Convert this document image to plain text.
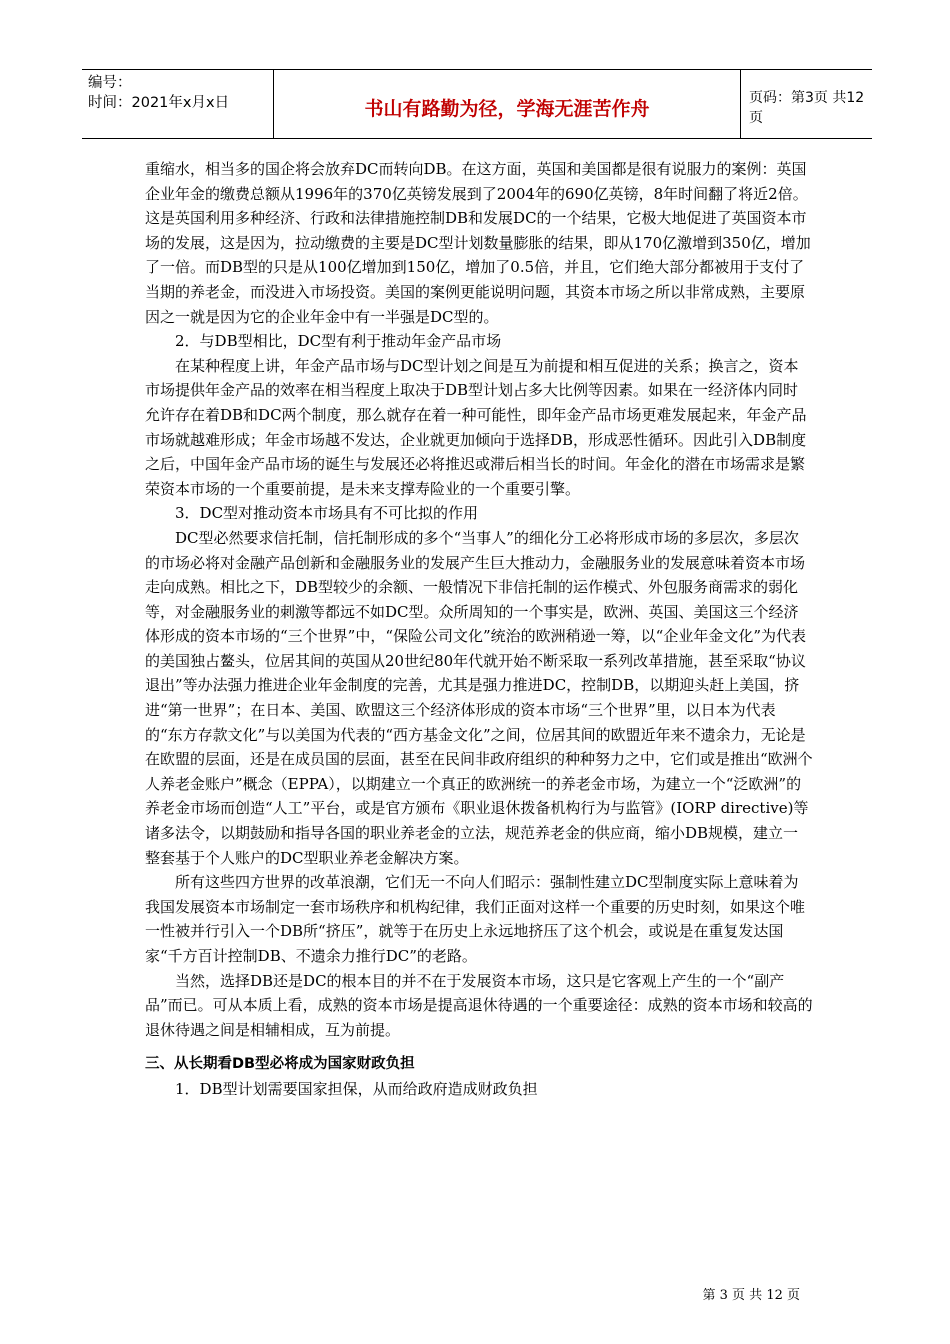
编号：
时间：2021年x月x日	书山有路勤为径，学海无涯苦作舟	页码：第3页 共12页

重缩水，相当多的国企将会放弃DC而转向DB。在这方面，英国和美国都是很有说服力的案例：英国企业年金的缴费总额从1996年的370亿英镑发展到了2004年的690亿英镑，8年时间翻了将近2倍。这是英国利用多种经济、行政和法律措施控制DB和发展DC的一个结果，它极大地促进了英国资本市场的发展，这是因为，拉动缴费的主要是DC型计划数量膨胀的结果，即从170亿激增到350亿，增加了一倍。而DB型的只是从100亿增加到150亿，增加了0.5倍，并且，它们绝大部分都被用于支付了当期的养老金，而没进入市场投资。美国的案例更能说明问题，其资本市场之所以非常成熟，主要原因之一就是因为它的企业年金中有一半强是DC型的。

2．与DB型相比，DC型有利于推动年金产品市场

在某种程度上讲，年金产品市场与DC型计划之间是互为前提和相互促进的关系；换言之，资本市场提供年金产品的效率在相当程度上取决于DB型计划占多大比例等因素。如果在一经济体内同时允许存在着DB和DC两个制度，那么就存在着一种可能性，即年金产品市场更难发展起来，年金产品市场就越难形成；年金市场越不发达，企业就更加倾向于选择DB，形成恶性循环。因此引入DB制度之后，中国年金产品市场的诞生与发展还必将推迟或滞后相当长的时间。年金化的潜在市场需求是繁荣资本市场的一个重要前提，是未来支撑寿险业的一个重要引擎。

3．DC型对推动资本市场具有不可比拟的作用

DC型必然要求信托制，信托制形成的多个“当事人”的细化分工必将形成市场的多层次，多层次的市场必将对金融产品创新和金融服务业的发展产生巨大推动力，金融服务业的发展意味着资本市场走向成熟。相比之下，DB型较少的余额、一般情况下非信托制的运作模式、外包服务商需求的弱化等，对金融服务业的刺激等都远不如DC型。众所周知的一个事实是，欧洲、英国、美国这三个经济体形成的资本市场的“三个世界”中，“保险公司文化”统治的欧洲稍逊一筹，以“企业年金文化”为代表的美国独占鳌头，位居其间的英国从20世纪80年代就开始不断采取一系列改革措施，甚至采取“协议退出”等办法强力推进企业年金制度的完善，尤其是强力推进DC，控制DB，以期迎头赶上美国，挤进“第一世界”；在日本、美国、欧盟这三个经济体形成的资本市场“三个世界”里，以日本为代表的“东方存款文化”与以美国为代表的“西方基金文化”之间，位居其间的欧盟近年来不遗余力，无论是在欧盟的层面，还是在成员国的层面，甚至在民间非政府组织的种种努力之中，它们或是推出“欧洲个人养老金账户”概念（EPPA），以期建立一个真正的欧洲统一的养老金市场，为建立一个“泛欧洲”的养老金市场而创造“人工”平台，或是官方颁布《职业退休拨备机构行为与监管》(IORP directive)等诸多法令，以期鼓励和指导各国的职业养老金的立法，规范养老金的供应商，缩小DB规模，建立一整套基于个人账户的DC型职业养老金解决方案。

所有这些四方世界的改革浪潮，它们无一不向人们昭示：强制性建立DC型制度实际上意味着为我国发展资本市场制定一套市场秩序和机构纪律，我们正面对这样一个重要的历史时刻，如果这个唯一性被并行引入一个DB所“挤压”，就等于在历史上永远地挤压了这个机会，或说是在重复发达国家“千方百计控制DB、不遗余力推行DC”的老路。

当然，选择DB还是DC的根本目的并不在于发展资本市场，这只是它客观上产生的一个“副产品”而已。可从本质上看，成熟的资本市场是提高退休待遇的一个重要途径：成熟的资本市场和较高的退休待遇之间是相辅相成，互为前提。

三、从长期看DB型必将成为国家财政负担

1．DB型计划需要国家担保，从而给政府造成财政负担

第 3 页 共 12 页
